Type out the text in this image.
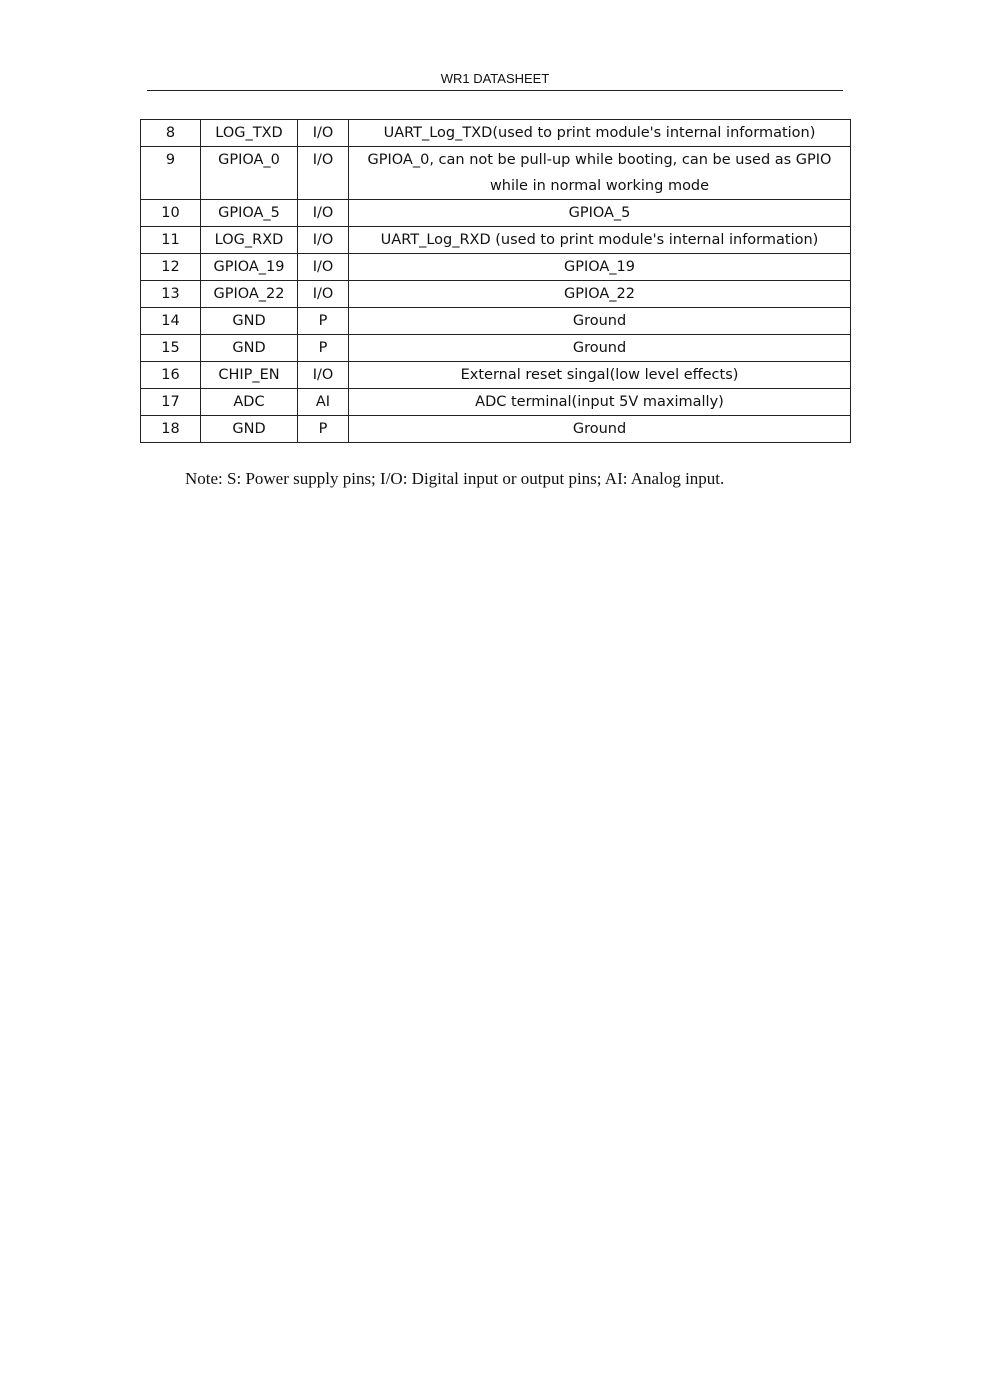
WR1 DATASHEET
8	LOG_TXD	I/O	UART_Log_TXD(used to print module's internal information)

9	GPIOA_0	I/O	GPIOA_0, can not be pull-up while booting, can be used as GPIO
while in normal working mode

10	GPIOA_5	I/O	GPIOA_5

11	LOG_RXD	I/O	UART_Log_RXD (used to print module's internal information)

12	GPIOA_19	I/O	GPIOA_19

13	GPIOA_22	I/O	GPIOA_22

14	GND	P	Ground

15	GND	P	Ground

16	CHIP_EN	I/O	External reset singal(low level effects)

17	ADC	AI	ADC terminal(input 5V maximally)

18	GND	P	Ground
Note: S: Power supply pins; I/O: Digital input or output pins; AI: Analog input.
